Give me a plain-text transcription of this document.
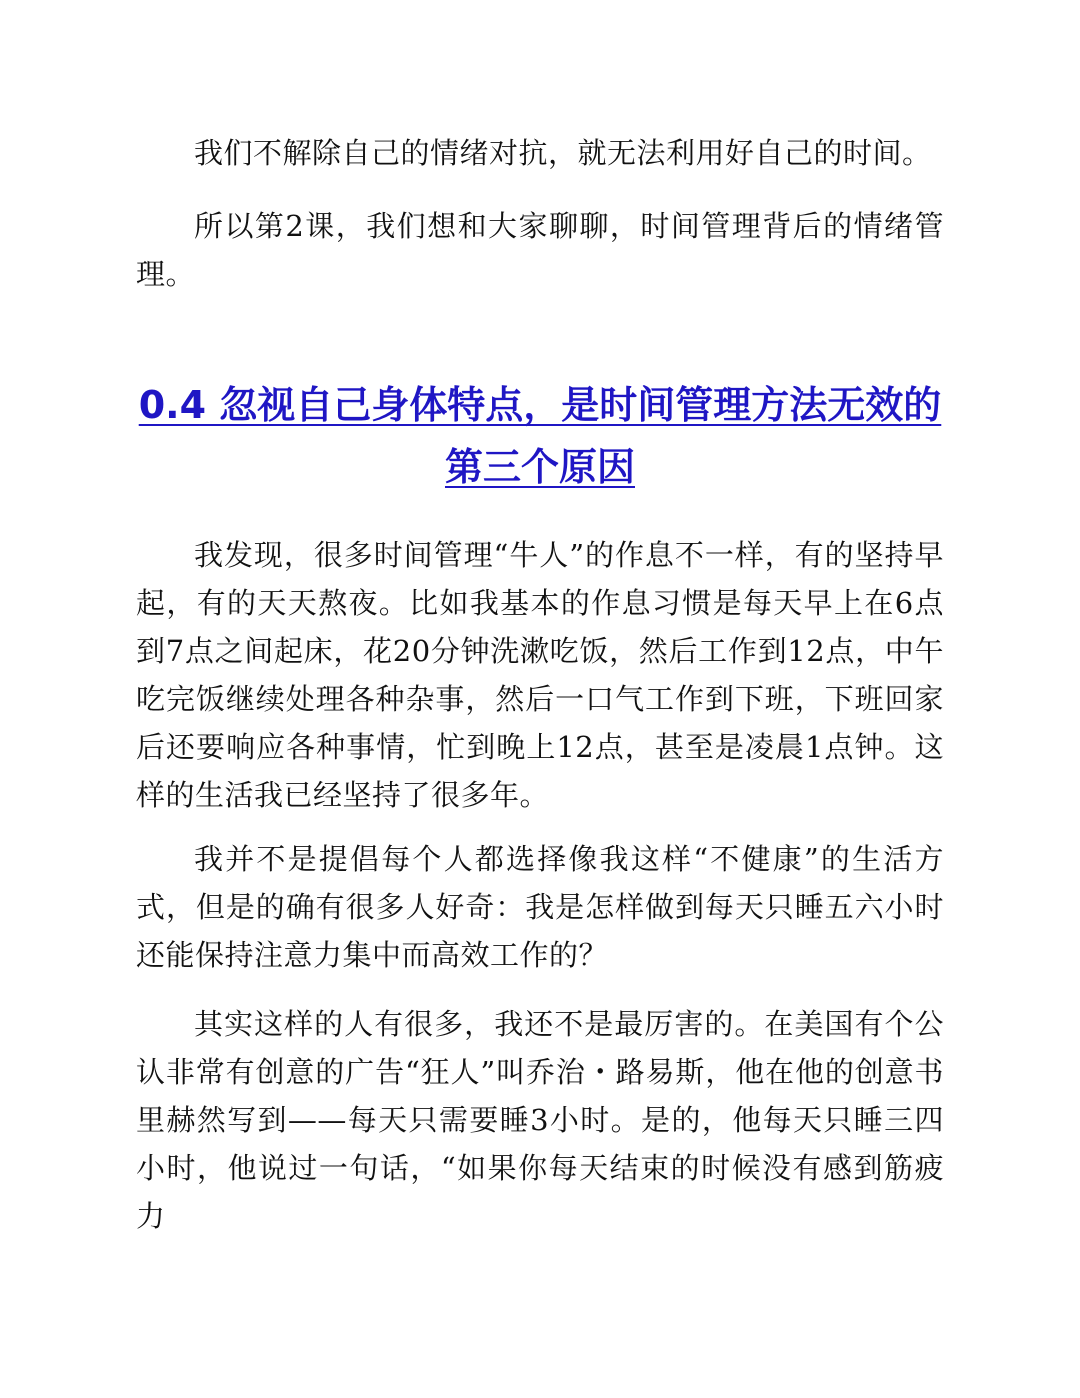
我们不解除自己的情绪对抗，就无法利用好自己的时间。

所以第2课，我们想和大家聊聊，时间管理背后的情绪管理。

0.4 忽视自己身体特点，是时间管理方法无效的第三个原因

我发现，很多时间管理“牛人”的作息不一样，有的坚持早起，有的天天熬夜。比如我基本的作息习惯是每天早上在6点到7点之间起床，花20分钟洗漱吃饭，然后工作到12点，中午吃完饭继续处理各种杂事，然后一口气工作到下班，下班回家后还要响应各种事情，忙到晚上12点，甚至是凌晨1点钟。这样的生活我已经坚持了很多年。

我并不是提倡每个人都选择像我这样“不健康”的生活方式，但是的确有很多人好奇：我是怎样做到每天只睡五六小时还能保持注意力集中而高效工作的？

其实这样的人有很多，我还不是最厉害的。在美国有个公认非常有创意的广告“狂人”叫乔治・路易斯，他在他的创意书里赫然写到——每天只需要睡3小时。是的，他每天只睡三四小时，他说过一句话，“如果你每天结束的时候没有感到筋疲力
